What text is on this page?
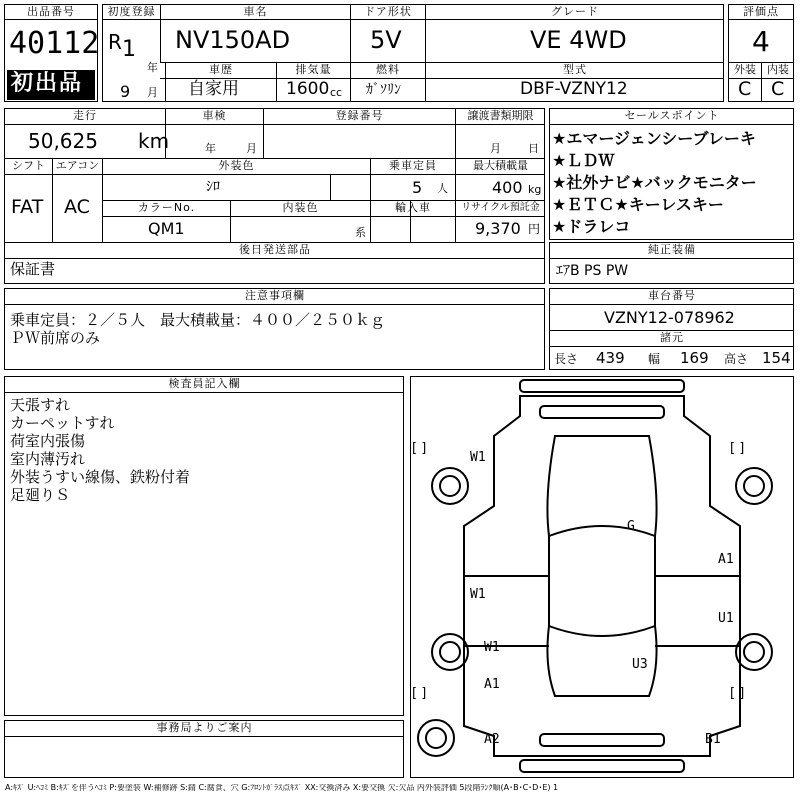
出品番号
40112
初出品
初度登録
R 1
年
9 月
車名
NV150AD
ドア形状
5V
グレード
VE 4WD
車歴
自家用
排気量
1600 cc
燃料
ｶﾞｿﾘﾝ
型式
DBF-VZNY12
評価点
4
外装	内装
C C
走行
50,625 km
車検
年	月
登録番号	譲渡書類期限
月 日
シフト
FAT
エアコン
AC
外装色
ｼﾛ
乗車定員
5 人
最大積載量
400 kg
カラーNo.
QM1
内装色
系
輸入車	リサイクル預託金
9,370 円
後日発送部品
保証書
セールスポイント
★エマージェンシーブレーキ
★ＬＤＷ
★社外ナビ★バックモニター
★ＥＴＣ★キーレスキー
★ドラレコ
純正装備
ｴｱB PS PW
注意事項欄
乗車定員：２／５人　最大積載量：４００／２５０ｋｇ
ＰＷ前席のみ
車台番号
VZNY12-078962
諸元
長さ 439 幅 169 高さ 154
検査員記入欄
天張すれ
カーペットすれ
荷室内張傷
室内薄汚れ
外装うすい線傷、鉄粉付着
足廻りＳ
事務局よりご案内
W1
G
A1
W1
U1
W1
U3
A1
A2	B1
[ ]	[ ]
[ ]	[ ]
A:ｷｽﾞ U:ﾍｺﾐ B:ｷｽﾞを伴うﾍｺﾐ P:要塗装 W:補修跡 S:錆 C:腐食、穴 G:ﾌﾛﾝﾄｶﾞﾗｽ点ｷｽﾞ XX:交換済み X:要交換 欠:欠品 内外装評価 5段階ﾗﾝｸ順(A･B･C･D･E) 1
